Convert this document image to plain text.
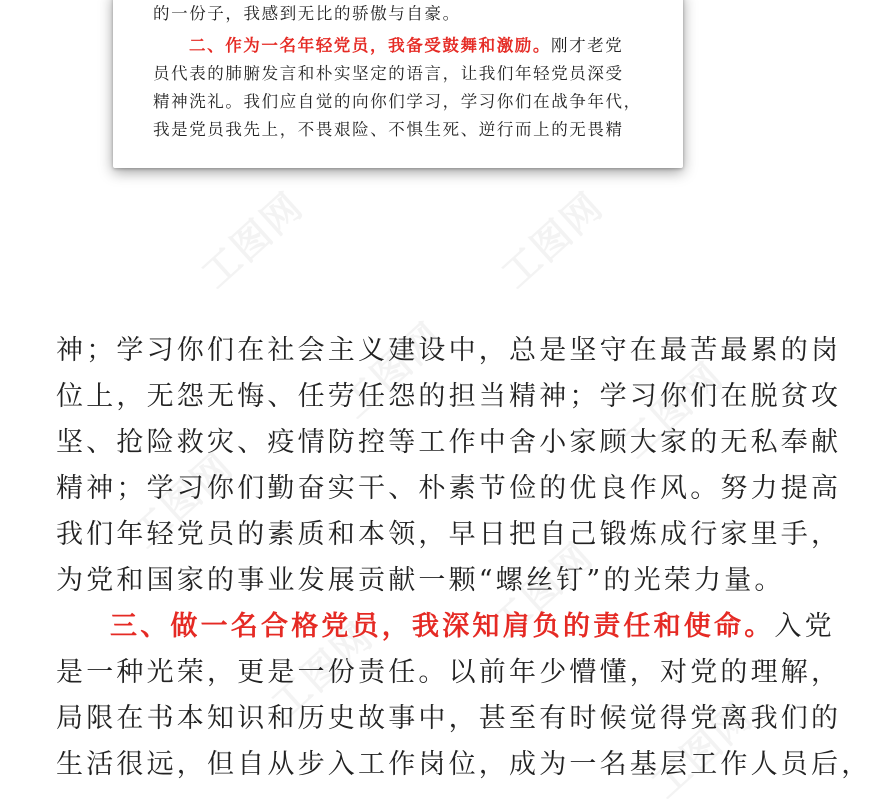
工图网	工图网
工图网	工图网
工图网
工图网
工图网
工图网
的一份子，我感到无比的骄傲与自豪。
二、作为一名年轻党员，我备受鼓舞和激励。刚才老党
员代表的肺腑发言和朴实坚定的语言，让我们年轻党员深受
精神洗礼。我们应自觉的向你们学习，学习你们在战争年代，
我是党员我先上，不畏艰险、不惧生死、逆行而上的无畏精
神；学习你们在社会主义建设中，总是坚守在最苦最累的岗
位上，无怨无悔、任劳任怨的担当精神；学习你们在脱贫攻
坚、抢险救灾、疫情防控等工作中舍小家顾大家的无私奉献
精神；学习你们勤奋实干、朴素节俭的优良作风。努力提高
我们年轻党员的素质和本领，早日把自己锻炼成行家里手，
为党和国家的事业发展贡献一颗“螺丝钉”的光荣力量。
三、做一名合格党员，我深知肩负的责任和使命。入党
是一种光荣，更是一份责任。以前年少懵懂，对党的理解，
局限在书本知识和历史故事中，甚至有时候觉得党离我们的
生活很远，但自从步入工作岗位，成为一名基层工作人员后，
